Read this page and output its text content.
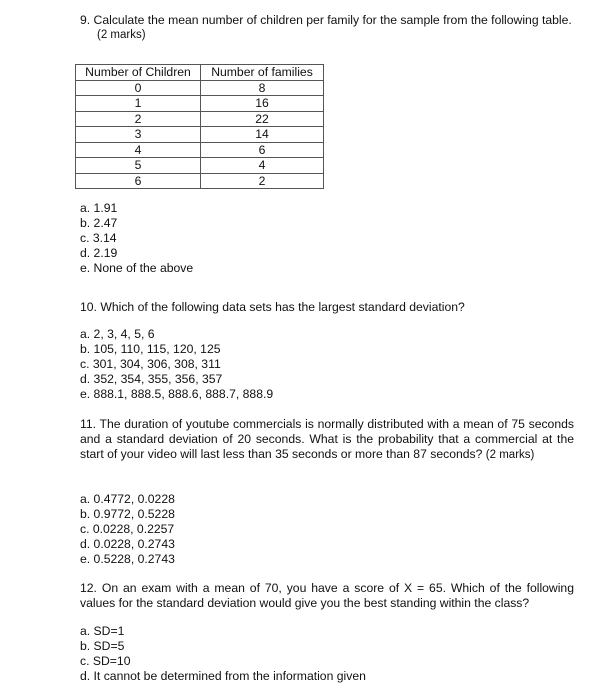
9. Calculate the mean number of children per family for the sample from the following table.
(2 marks)
Number of Children	Number of families
0	8
1	16
2	22
3	14
4	6
5	4
6	2
a. 1.91
b. 2.47
c. 3.14
d. 2.19
e. None of the above
10. Which of the following data sets has the largest standard deviation?
a. 2, 3, 4, 5, 6
b. 105, 110, 115, 120, 125
c. 301, 304, 306, 308, 311
d. 352, 354, 355, 356, 357
e. 888.1, 888.5, 888.6, 888.7, 888.9
11. The duration of youtube commercials is normally distributed with a mean of 75 seconds and a standard deviation of 20 seconds. What is the probability that a commercial at the start of your video will last less than 35 seconds or more than 87 seconds? (2 marks)
a. 0.4772, 0.0228
b. 0.9772, 0.5228
c. 0.0228, 0.2257
d. 0.0228, 0.2743
e. 0.5228, 0.2743
12. On an exam with a mean of 70, you have a score of X = 65. Which of the following values for the standard deviation would give you the best standing within the class?
a. SD=1
b. SD=5
c. SD=10
d. It cannot be determined from the information given
